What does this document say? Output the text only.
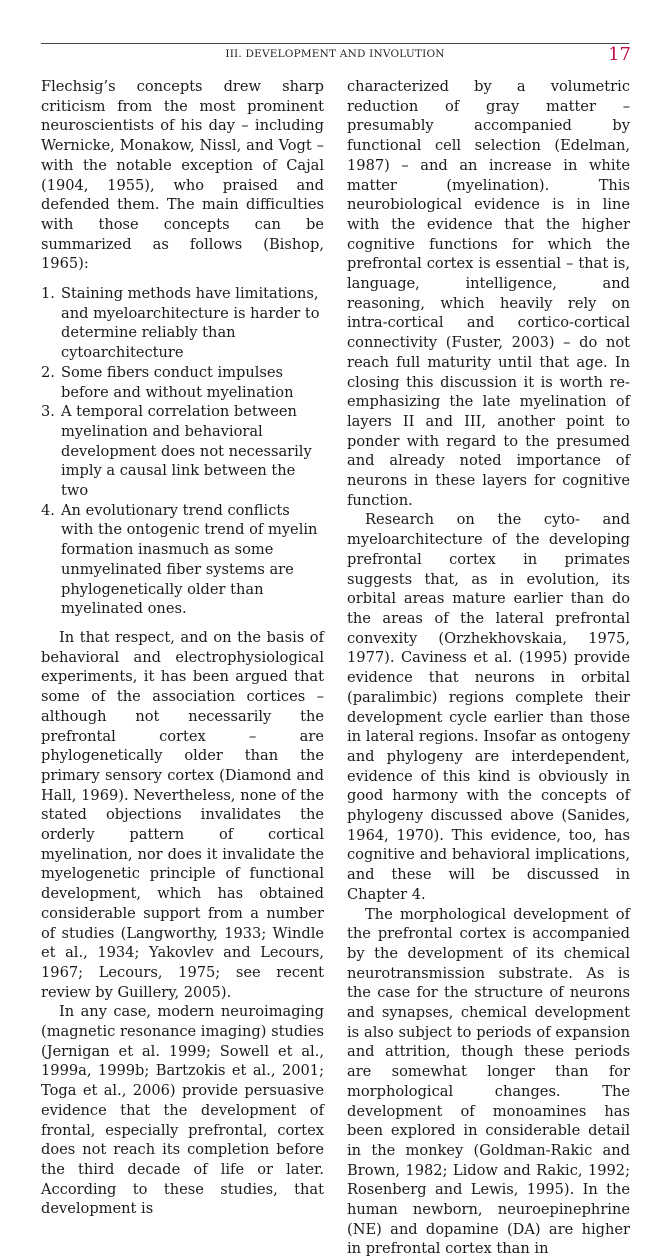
III. DEVELOPMENT AND INVOLUTION	17

Flechsig’s concepts drew sharp criticism from the most prominent neuroscientists of his day – including Wernicke, Monakow, Nissl, and Vogt – with the notable exception of Cajal (1904, 1955), who praised and defended them. The main difficulties with those concepts can be summarized as follows (Bishop, 1965):

1. Staining methods have limitations, and myeloarchitecture is harder to determine reliably than cytoarchitecture
2. Some fibers conduct impulses before and without myelination
3. A temporal correlation between myelination and behavioral development does not necessarily imply a causal link between the two
4. An evolutionary trend conflicts with the ontogenic trend of myelin formation inasmuch as some unmyelinated fiber systems are phylogenetically older than myelinated ones.

In that respect, and on the basis of behavioral and electrophysiological experiments, it has been argued that some of the association cortices – although not necessarily the prefrontal cortex – are phylogenetically older than the primary sensory cortex (Diamond and Hall, 1969). Nevertheless, none of the stated objections invalidates the orderly pattern of cortical myelination, nor does it invalidate the myelogenetic principle of functional development, which has obtained considerable support from a number of studies (Langworthy, 1933; Windle et al., 1934; Yakovlev and Lecours, 1967; Lecours, 1975; see recent review by Guillery, 2005).

In any case, modern neuroimaging (magnetic resonance imaging) studies (Jernigan et al. 1999; Sowell et al., 1999a, 1999b; Bartzokis et al., 2001; Toga et al., 2006) provide persuasive evidence that the development of frontal, especially prefrontal, cortex does not reach its completion before the third decade of life or later. According to these studies, that development is

characterized by a volumetric reduction of gray matter – presumably accompanied by functional cell selection (Edelman, 1987) – and an increase in white matter (myelination). This neurobiological evidence is in line with the evidence that the higher cognitive functions for which the prefrontal cortex is essential – that is, language, intelligence, and reasoning, which heavily rely on intra-cortical and cortico-cortical connectivity (Fuster, 2003) – do not reach full maturity until that age. In closing this discussion it is worth re-emphasizing the late myelination of layers II and III, another point to ponder with regard to the presumed and already noted importance of neurons in these layers for cognitive function.

Research on the cyto- and myeloarchitecture of the developing prefrontal cortex in primates suggests that, as in evolution, its orbital areas mature earlier than do the areas of the lateral prefrontal convexity (Orzhekhovskaia, 1975, 1977). Caviness et al. (1995) provide evidence that neurons in orbital (paralimbic) regions complete their development cycle earlier than those in lateral regions. Insofar as ontogeny and phylogeny are interdependent, evidence of this kind is obviously in good harmony with the concepts of phylogeny discussed above (Sanides, 1964, 1970). This evidence, too, has cognitive and behavioral implications, and these will be discussed in Chapter 4.

The morphological development of the prefrontal cortex is accompanied by the development of its chemical neurotransmission substrate. As is the case for the structure of neurons and synapses, chemical development is also subject to periods of expansion and attrition, though these periods are somewhat longer than for morphological changes. The development of monoamines has been explored in considerable detail in the monkey (Goldman-Rakic and Brown, 1982; Lidow and Rakic, 1992; Rosenberg and Lewis, 1995). In the human newborn, neuroepinephrine (NE) and dopamine (DA) are higher in prefrontal cortex than in
